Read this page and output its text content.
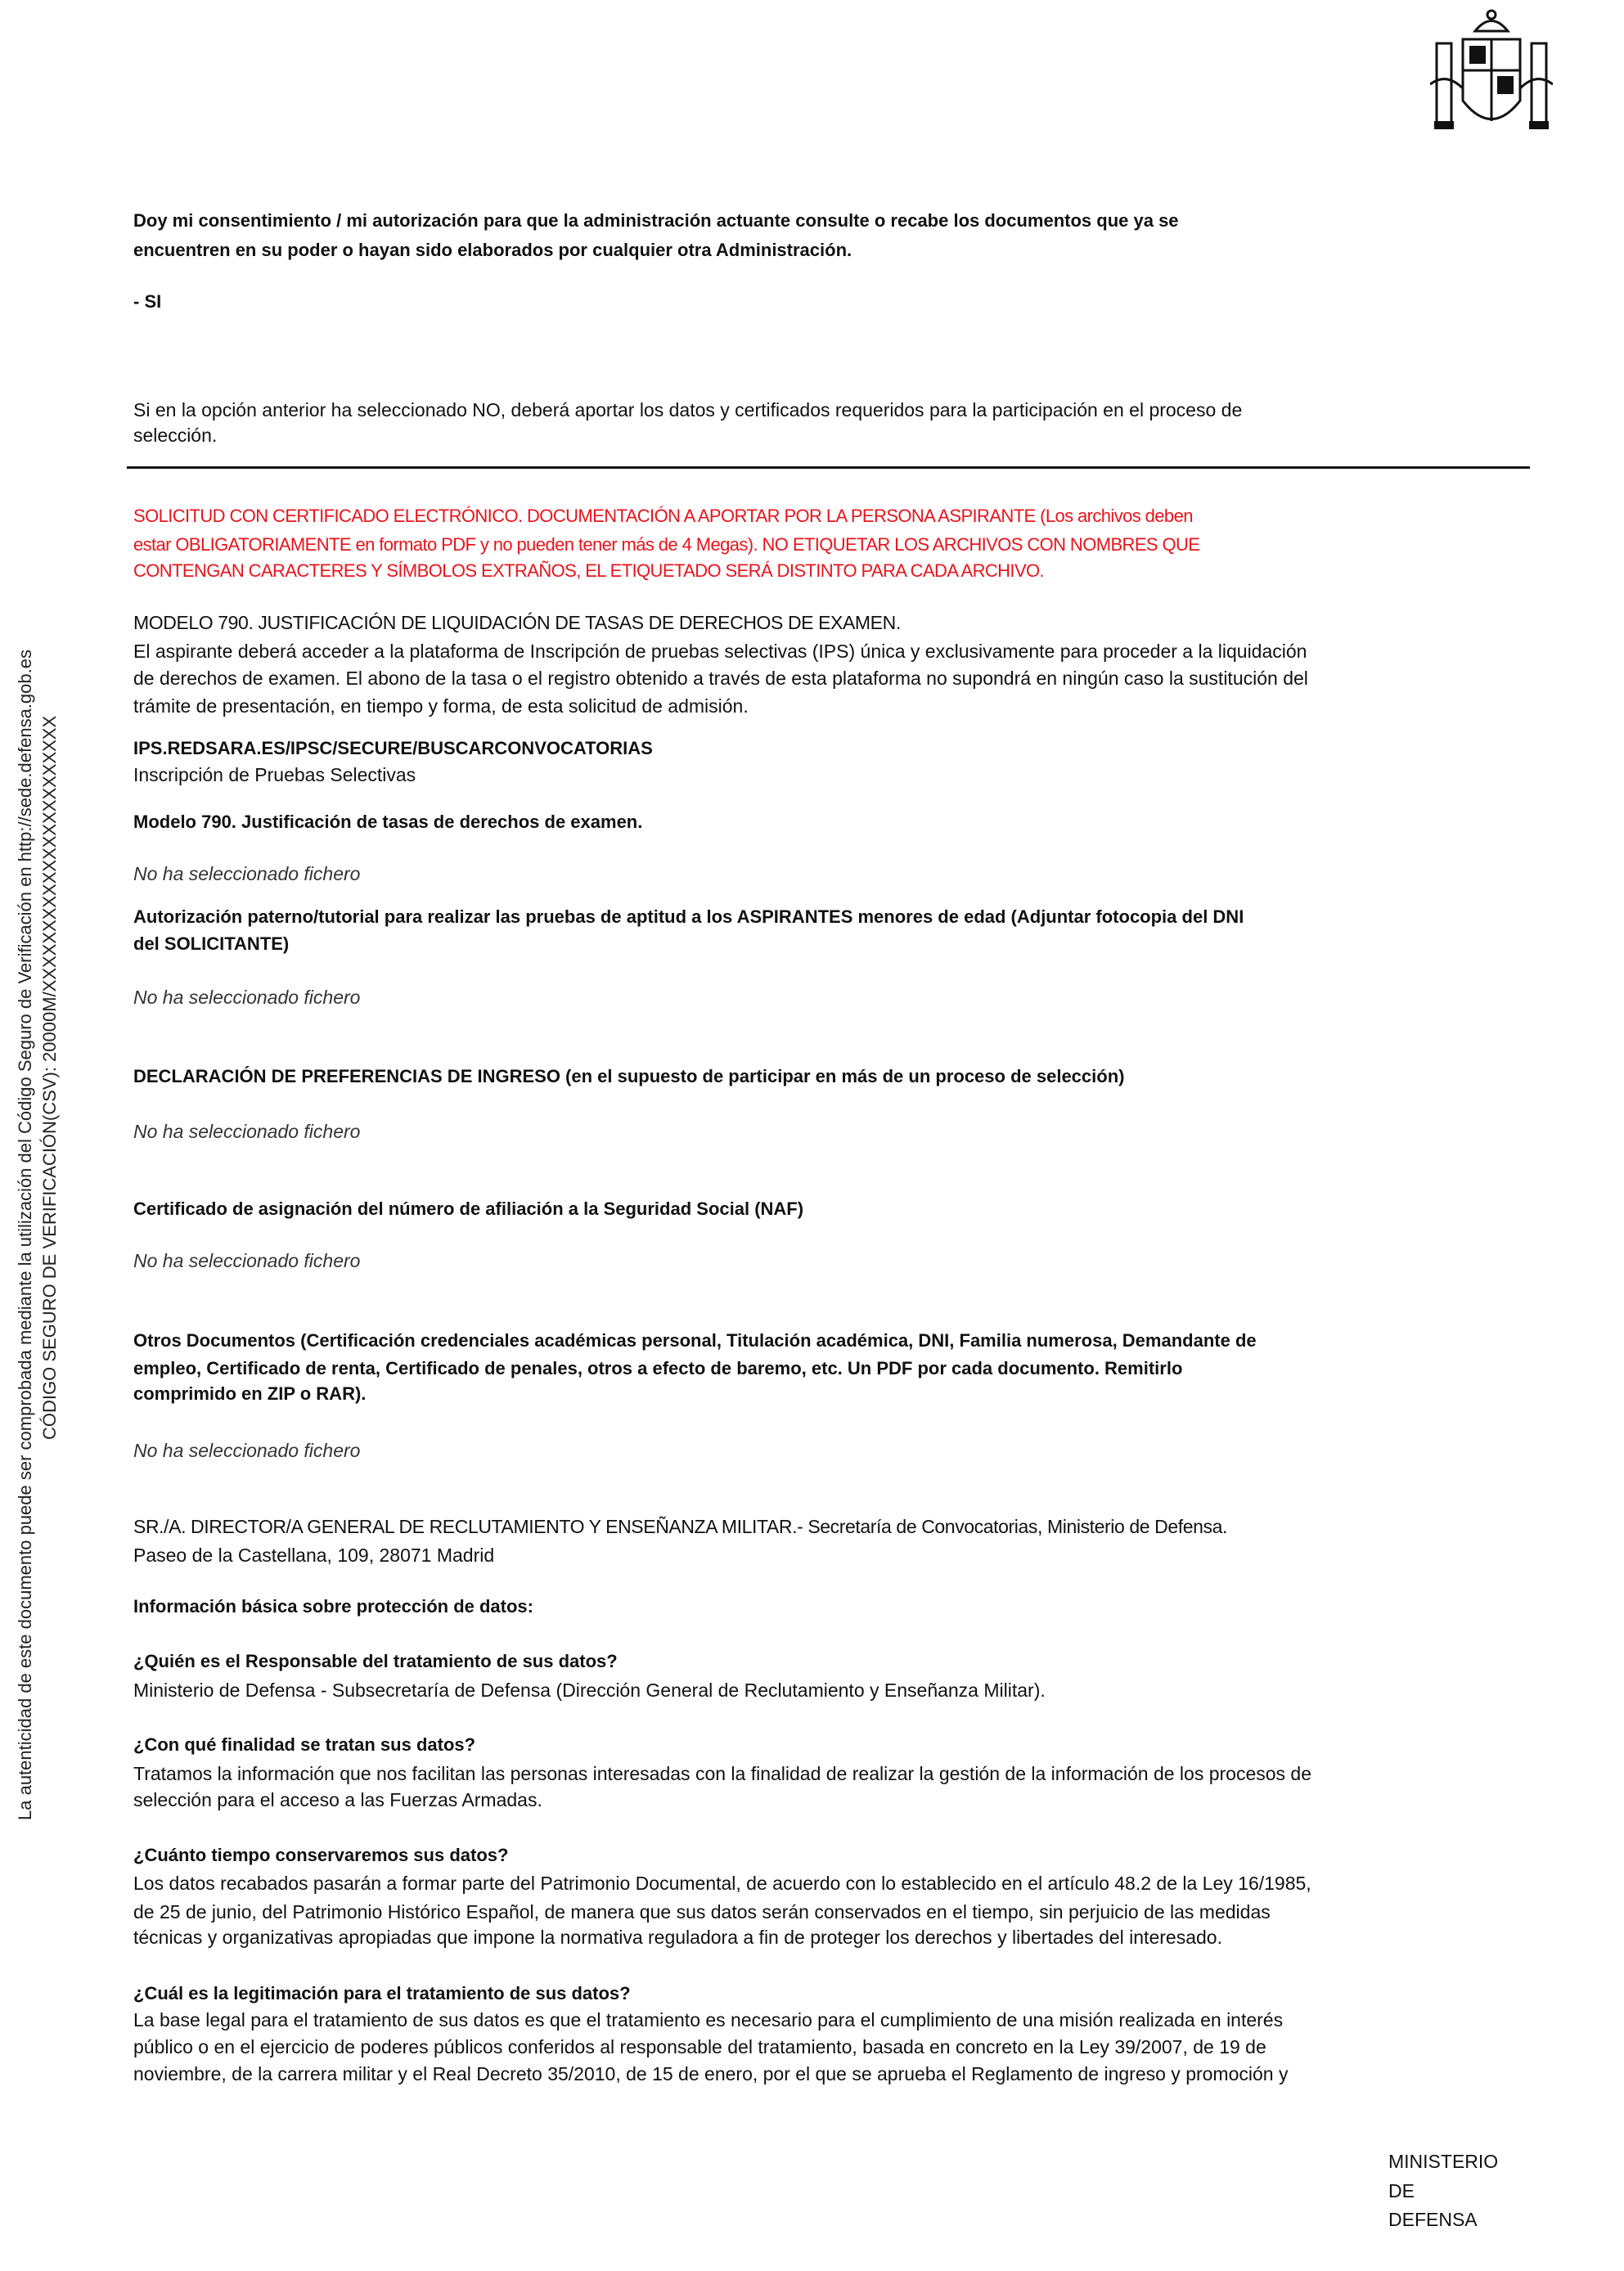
La autenticidad de este documento puede ser comprobada mediante la utilización del Código Seguro de Verificación en http://sede.defensa.gob.es CÓDIGO SEGURO DE VERIFICACIÓN(CSV): 20000M/XXXXXXXXXXXXXXXXXXXXXXX
Doy mi consentimiento / mi autorización para que la administración actuante consulte o recabe los documentos que ya se
encuentren en su poder o hayan sido elaborados por cualquier otra Administración.
- SI
Si en la opción anterior ha seleccionado NO, deberá aportar los datos y certificados requeridos para la participación en el proceso de
selección.
SOLICITUD CON CERTIFICADO ELECTRÓNICO. DOCUMENTACIÓN A APORTAR POR LA PERSONA ASPIRANTE (Los archivos deben
estar OBLIGATORIAMENTE en formato PDF y no pueden tener más de 4 Megas). NO ETIQUETAR LOS ARCHIVOS CON NOMBRES QUE
CONTENGAN CARACTERES Y SÍMBOLOS EXTRAÑOS, EL ETIQUETADO SERÁ DISTINTO PARA CADA ARCHIVO.
MODELO 790. JUSTIFICACIÓN DE LIQUIDACIÓN DE TASAS DE DERECHOS DE EXAMEN.
El aspirante deberá acceder a la plataforma de Inscripción de pruebas selectivas (IPS) única y exclusivamente para proceder a la liquidación
de derechos de examen. El abono de la tasa o el registro obtenido a través de esta plataforma no supondrá en ningún caso la sustitución del
trámite de presentación, en tiempo y forma, de esta solicitud de admisión.
IPS.REDSARA.ES/IPSC/SECURE/BUSCARCONVOCATORIAS
Inscripción de Pruebas Selectivas
Modelo 790. Justificación de tasas de derechos de examen.
No ha seleccionado fichero
Autorización paterno/tutorial para realizar las pruebas de aptitud a los ASPIRANTES menores de edad (Adjuntar fotocopia del DNI
del SOLICITANTE)
No ha seleccionado fichero
DECLARACIÓN DE PREFERENCIAS DE INGRESO (en el supuesto de participar en más de un proceso de selección)
No ha seleccionado fichero
Certificado de asignación del número de afiliación a la Seguridad Social (NAF)
No ha seleccionado fichero
Otros Documentos (Certificación credenciales académicas personal, Titulación académica, DNI, Familia numerosa, Demandante de
empleo, Certificado de renta, Certificado de penales, otros a efecto de baremo, etc. Un PDF por cada documento. Remitirlo
comprimido en ZIP o RAR).
No ha seleccionado fichero
SR./A. DIRECTOR/A GENERAL DE RECLUTAMIENTO Y ENSEÑANZA MILITAR.- Secretaría de Convocatorias, Ministerio de Defensa.
Paseo de la Castellana, 109, 28071 Madrid
Información básica sobre protección de datos:
¿Quién es el Responsable del tratamiento de sus datos?
Ministerio de Defensa - Subsecretaría de Defensa (Dirección General de Reclutamiento y Enseñanza Militar).
¿Con qué finalidad se tratan sus datos?
Tratamos la información que nos facilitan las personas interesadas con la finalidad de realizar la gestión de la información de los procesos de
selección para el acceso a las Fuerzas Armadas.
¿Cuánto tiempo conservaremos sus datos?
Los datos recabados pasarán a formar parte del Patrimonio Documental, de acuerdo con lo establecido en el artículo 48.2 de la Ley 16/1985,
de 25 de junio, del Patrimonio Histórico Español, de manera que sus datos serán conservados en el tiempo, sin perjuicio de las medidas
técnicas y organizativas apropiadas que impone la normativa reguladora a fin de proteger los derechos y libertades del interesado.
¿Cuál es la legitimación para el tratamiento de sus datos?
La base legal para el tratamiento de sus datos es que el tratamiento es necesario para el cumplimiento de una misión realizada en interés
público o en el ejercicio de poderes públicos conferidos al responsable del tratamiento, basada en concreto en la Ley 39/2007, de 19 de
noviembre, de la carrera militar y el Real Decreto 35/2010, de 15 de enero, por el que se aprueba el Reglamento de ingreso y promoción y
MINISTERIO
DE
DEFENSA
